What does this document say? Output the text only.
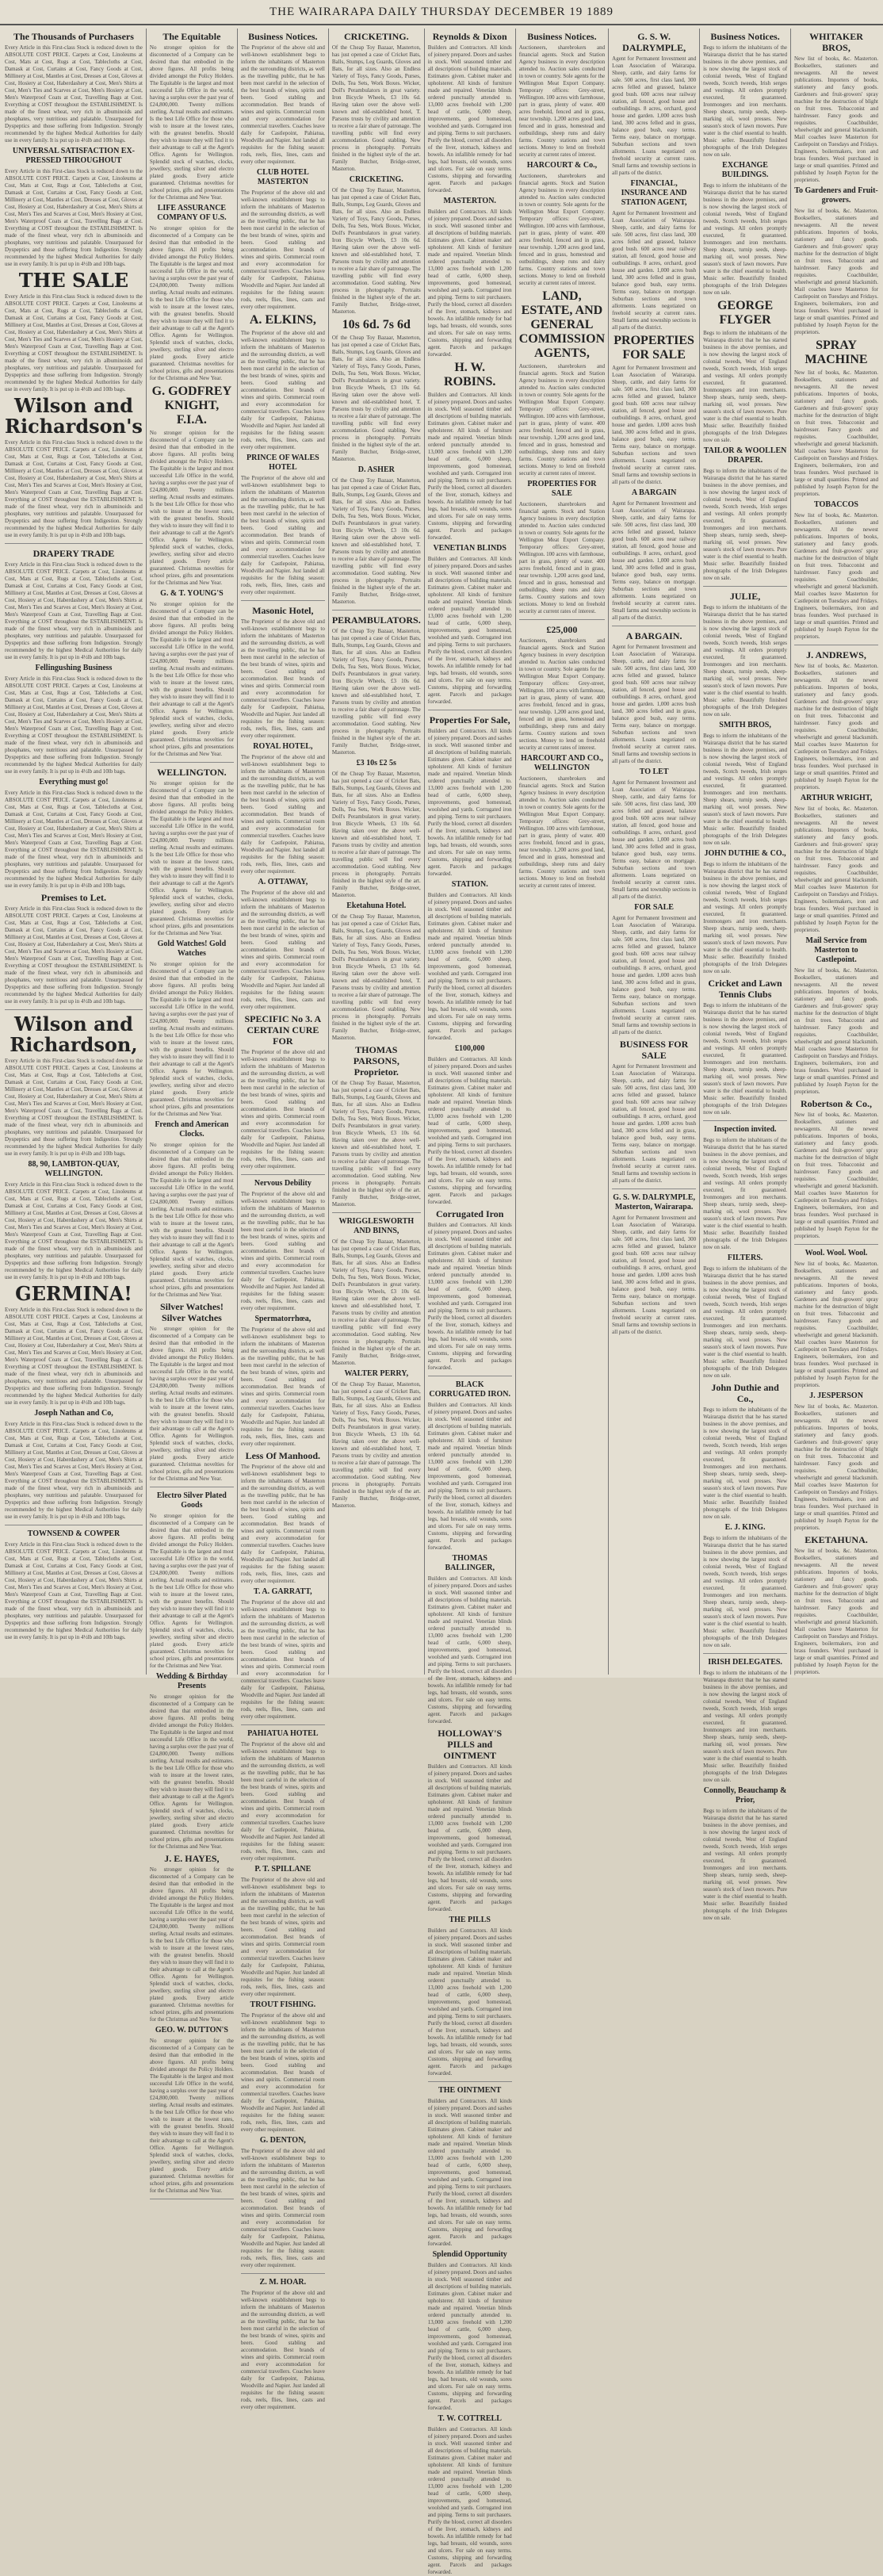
THE WAIRARAPA DAILY THURSDAY DECEMBER 19 1889
The Thousands of Purchasers
Every Article in this First-class Stock is reduced down to the ABSOLUTE COST PRICE. Carpets at Cost, Linoleums at Cost, Mats at Cost, Rugs at Cost, Tablecloths at Cost, Damask at Cost, Curtains at Cost, Fancy Goods at Cost, Millinery at Cost, Mantles at Cost, Dresses at Cost, Gloves at Cost, Hosiery at Cost, Haberdashery at Cost, Men's Shirts at Cost, Men's Ties and Scarves at Cost, Men's Hosiery at Cost, Men's Waterproof Coats at Cost, Travelling Bags at Cost. Everything at COST throughout the ESTABLISHMENT. Is made of the finest wheat, very rich in albuminoids and phosphates, very nutritious and palatable. Unsurpassed for Dyspeptics and those suffering from Indigestion. Strongly recommended by the highest Medical Authorities for daily use in every family. It is put up in 4½lb and 10lb bags.
UNIVERSAL SATISFACTION EX-PRESSED THROUGHOUT
Every Article in this First-class Stock is reduced down to the ABSOLUTE COST PRICE. Carpets at Cost, Linoleums at Cost, Mats at Cost, Rugs at Cost, Tablecloths at Cost, Damask at Cost, Curtains at Cost, Fancy Goods at Cost, Millinery at Cost, Mantles at Cost, Dresses at Cost, Gloves at Cost, Hosiery at Cost, Haberdashery at Cost, Men's Shirts at Cost, Men's Ties and Scarves at Cost, Men's Hosiery at Cost, Men's Waterproof Coats at Cost, Travelling Bags at Cost. Everything at COST throughout the ESTABLISHMENT. Is made of the finest wheat, very rich in albuminoids and phosphates, very nutritious and palatable. Unsurpassed for Dyspeptics and those suffering from Indigestion. Strongly recommended by the highest Medical Authorities for daily use in every family. It is put up in 4½lb and 10lb bags.
THE SALE
Every Article in this First-class Stock is reduced down to the ABSOLUTE COST PRICE. Carpets at Cost, Linoleums at Cost, Mats at Cost, Rugs at Cost, Tablecloths at Cost, Damask at Cost, Curtains at Cost, Fancy Goods at Cost, Millinery at Cost, Mantles at Cost, Dresses at Cost, Gloves at Cost, Hosiery at Cost, Haberdashery at Cost, Men's Shirts at Cost, Men's Ties and Scarves at Cost, Men's Hosiery at Cost, Men's Waterproof Coats at Cost, Travelling Bags at Cost. Everything at COST throughout the ESTABLISHMENT. Is made of the finest wheat, very rich in albuminoids and phosphates, very nutritious and palatable. Unsurpassed for Dyspeptics and those suffering from Indigestion. Strongly recommended by the highest Medical Authorities for daily use in every family. It is put up in 4½lb and 10lb bags.
Wilson and Richardson's
Every Article in this First-class Stock is reduced down to the ABSOLUTE COST PRICE. Carpets at Cost, Linoleums at Cost, Mats at Cost, Rugs at Cost, Tablecloths at Cost, Damask at Cost, Curtains at Cost, Fancy Goods at Cost, Millinery at Cost, Mantles at Cost, Dresses at Cost, Gloves at Cost, Hosiery at Cost, Haberdashery at Cost, Men's Shirts at Cost, Men's Ties and Scarves at Cost, Men's Hosiery at Cost, Men's Waterproof Coats at Cost, Travelling Bags at Cost. Everything at COST throughout the ESTABLISHMENT. Is made of the finest wheat, very rich in albuminoids and phosphates, very nutritious and palatable. Unsurpassed for Dyspeptics and those suffering from Indigestion. Strongly recommended by the highest Medical Authorities for daily use in every family. It is put up in 4½lb and 10lb bags.
DRAPERY TRADE
Every Article in this First-class Stock is reduced down to the ABSOLUTE COST PRICE. Carpets at Cost, Linoleums at Cost, Mats at Cost, Rugs at Cost, Tablecloths at Cost, Damask at Cost, Curtains at Cost, Fancy Goods at Cost, Millinery at Cost, Mantles at Cost, Dresses at Cost, Gloves at Cost, Hosiery at Cost, Haberdashery at Cost, Men's Shirts at Cost, Men's Ties and Scarves at Cost, Men's Hosiery at Cost, Men's Waterproof Coats at Cost, Travelling Bags at Cost. Everything at COST throughout the ESTABLISHMENT. Is made of the finest wheat, very rich in albuminoids and phosphates, very nutritious and palatable. Unsurpassed for Dyspeptics and those suffering from Indigestion. Strongly recommended by the highest Medical Authorities for daily use in every family. It is put up in 4½lb and 10lb bags.
Fellingushing Business
Every Article in this First-class Stock is reduced down to the ABSOLUTE COST PRICE. Carpets at Cost, Linoleums at Cost, Mats at Cost, Rugs at Cost, Tablecloths at Cost, Damask at Cost, Curtains at Cost, Fancy Goods at Cost, Millinery at Cost, Mantles at Cost, Dresses at Cost, Gloves at Cost, Hosiery at Cost, Haberdashery at Cost, Men's Shirts at Cost, Men's Ties and Scarves at Cost, Men's Hosiery at Cost, Men's Waterproof Coats at Cost, Travelling Bags at Cost. Everything at COST throughout the ESTABLISHMENT. Is made of the finest wheat, very rich in albuminoids and phosphates, very nutritious and palatable. Unsurpassed for Dyspeptics and those suffering from Indigestion. Strongly recommended by the highest Medical Authorities for daily use in every family. It is put up in 4½lb and 10lb bags.
Everything must go!
Every Article in this First-class Stock is reduced down to the ABSOLUTE COST PRICE. Carpets at Cost, Linoleums at Cost, Mats at Cost, Rugs at Cost, Tablecloths at Cost, Damask at Cost, Curtains at Cost, Fancy Goods at Cost, Millinery at Cost, Mantles at Cost, Dresses at Cost, Gloves at Cost, Hosiery at Cost, Haberdashery at Cost, Men's Shirts at Cost, Men's Ties and Scarves at Cost, Men's Hosiery at Cost, Men's Waterproof Coats at Cost, Travelling Bags at Cost. Everything at COST throughout the ESTABLISHMENT. Is made of the finest wheat, very rich in albuminoids and phosphates, very nutritious and palatable. Unsurpassed for Dyspeptics and those suffering from Indigestion. Strongly recommended by the highest Medical Authorities for daily use in every family. It is put up in 4½lb and 10lb bags.
Premises to Let.
Every Article in this First-class Stock is reduced down to the ABSOLUTE COST PRICE. Carpets at Cost, Linoleums at Cost, Mats at Cost, Rugs at Cost, Tablecloths at Cost, Damask at Cost, Curtains at Cost, Fancy Goods at Cost, Millinery at Cost, Mantles at Cost, Dresses at Cost, Gloves at Cost, Hosiery at Cost, Haberdashery at Cost, Men's Shirts at Cost, Men's Ties and Scarves at Cost, Men's Hosiery at Cost, Men's Waterproof Coats at Cost, Travelling Bags at Cost. Everything at COST throughout the ESTABLISHMENT. Is made of the finest wheat, very rich in albuminoids and phosphates, very nutritious and palatable. Unsurpassed for Dyspeptics and those suffering from Indigestion. Strongly recommended by the highest Medical Authorities for daily use in every family. It is put up in 4½lb and 10lb bags.
Wilson and Richardson,
Every Article in this First-class Stock is reduced down to the ABSOLUTE COST PRICE. Carpets at Cost, Linoleums at Cost, Mats at Cost, Rugs at Cost, Tablecloths at Cost, Damask at Cost, Curtains at Cost, Fancy Goods at Cost, Millinery at Cost, Mantles at Cost, Dresses at Cost, Gloves at Cost, Hosiery at Cost, Haberdashery at Cost, Men's Shirts at Cost, Men's Ties and Scarves at Cost, Men's Hosiery at Cost, Men's Waterproof Coats at Cost, Travelling Bags at Cost. Everything at COST throughout the ESTABLISHMENT. Is made of the finest wheat, very rich in albuminoids and phosphates, very nutritious and palatable. Unsurpassed for Dyspeptics and those suffering from Indigestion. Strongly recommended by the highest Medical Authorities for daily use in every family. It is put up in 4½lb and 10lb bags.
88, 90, LAMBTON-QUAY, WELLINGTON.
Every Article in this First-class Stock is reduced down to the ABSOLUTE COST PRICE. Carpets at Cost, Linoleums at Cost, Mats at Cost, Rugs at Cost, Tablecloths at Cost, Damask at Cost, Curtains at Cost, Fancy Goods at Cost, Millinery at Cost, Mantles at Cost, Dresses at Cost, Gloves at Cost, Hosiery at Cost, Haberdashery at Cost, Men's Shirts at Cost, Men's Ties and Scarves at Cost, Men's Hosiery at Cost, Men's Waterproof Coats at Cost, Travelling Bags at Cost. Everything at COST throughout the ESTABLISHMENT. Is made of the finest wheat, very rich in albuminoids and phosphates, very nutritious and palatable. Unsurpassed for Dyspeptics and those suffering from Indigestion. Strongly recommended by the highest Medical Authorities for daily use in every family. It is put up in 4½lb and 10lb bags.
GERMINA!
Every Article in this First-class Stock is reduced down to the ABSOLUTE COST PRICE. Carpets at Cost, Linoleums at Cost, Mats at Cost, Rugs at Cost, Tablecloths at Cost, Damask at Cost, Curtains at Cost, Fancy Goods at Cost, Millinery at Cost, Mantles at Cost, Dresses at Cost, Gloves at Cost, Hosiery at Cost, Haberdashery at Cost, Men's Shirts at Cost, Men's Ties and Scarves at Cost, Men's Hosiery at Cost, Men's Waterproof Coats at Cost, Travelling Bags at Cost. Everything at COST throughout the ESTABLISHMENT. Is made of the finest wheat, very rich in albuminoids and phosphates, very nutritious and palatable. Unsurpassed for Dyspeptics and those suffering from Indigestion. Strongly recommended by the highest Medical Authorities for daily use in every family. It is put up in 4½lb and 10lb bags.
Joseph Nathan and Co,
Every Article in this First-class Stock is reduced down to the ABSOLUTE COST PRICE. Carpets at Cost, Linoleums at Cost, Mats at Cost, Rugs at Cost, Tablecloths at Cost, Damask at Cost, Curtains at Cost, Fancy Goods at Cost, Millinery at Cost, Mantles at Cost, Dresses at Cost, Gloves at Cost, Hosiery at Cost, Haberdashery at Cost, Men's Shirts at Cost, Men's Ties and Scarves at Cost, Men's Hosiery at Cost, Men's Waterproof Coats at Cost, Travelling Bags at Cost. Everything at COST throughout the ESTABLISHMENT. Is made of the finest wheat, very rich in albuminoids and phosphates, very nutritious and palatable. Unsurpassed for Dyspeptics and those suffering from Indigestion. Strongly recommended by the highest Medical Authorities for daily use in every family. It is put up in 4½lb and 10lb bags.
TOWNSEND & COWPER
Every Article in this First-class Stock is reduced down to the ABSOLUTE COST PRICE. Carpets at Cost, Linoleums at Cost, Mats at Cost, Rugs at Cost, Tablecloths at Cost, Damask at Cost, Curtains at Cost, Fancy Goods at Cost, Millinery at Cost, Mantles at Cost, Dresses at Cost, Gloves at Cost, Hosiery at Cost, Haberdashery at Cost, Men's Shirts at Cost, Men's Ties and Scarves at Cost, Men's Hosiery at Cost, Men's Waterproof Coats at Cost, Travelling Bags at Cost. Everything at COST throughout the ESTABLISHMENT. Is made of the finest wheat, very rich in albuminoids and phosphates, very nutritious and palatable. Unsurpassed for Dyspeptics and those suffering from Indigestion. Strongly recommended by the highest Medical Authorities for daily use in every family. It is put up in 4½lb and 10lb bags.
The Equitable
No stronger opinion for the disconnected of a Company can be desired than that embodied in the above figures. All profits being divided amongst the Policy Holders. The Equitable is the largest and most successful Life Office in the world, having a surplus over the past year of £24,800,000. Twenty millions sterling. Actual results and estimates. Is the best Life Office for those who wish to insure at the lowest rates, with the greatest benefits. Should they wish to insure they will find it to their advantage to call at the Agent's Office. Agents for Wellington. Splendid stock of watches, clocks, jewellery, sterling silver and electro plated goods. Every article guaranteed. Christmas novelties for school prizes, gifts and presentations for the Christmas and New Year.
LIFE ASSURANCE COMPANY OF U.S.
No stronger opinion for the disconnected of a Company can be desired than that embodied in the above figures. All profits being divided amongst the Policy Holders. The Equitable is the largest and most successful Life Office in the world, having a surplus over the past year of £24,800,000. Twenty millions sterling. Actual results and estimates. Is the best Life Office for those who wish to insure at the lowest rates, with the greatest benefits. Should they wish to insure they will find it to their advantage to call at the Agent's Office. Agents for Wellington. Splendid stock of watches, clocks, jewellery, sterling silver and electro plated goods. Every article guaranteed. Christmas novelties for school prizes, gifts and presentations for the Christmas and New Year.
G. GODFREY KNIGHT, F.I.A.
No stronger opinion for the disconnected of a Company can be desired than that embodied in the above figures. All profits being divided amongst the Policy Holders. The Equitable is the largest and most successful Life Office in the world, having a surplus over the past year of £24,800,000. Twenty millions sterling. Actual results and estimates. Is the best Life Office for those who wish to insure at the lowest rates, with the greatest benefits. Should they wish to insure they will find it to their advantage to call at the Agent's Office. Agents for Wellington. Splendid stock of watches, clocks, jewellery, sterling silver and electro plated goods. Every article guaranteed. Christmas novelties for school prizes, gifts and presentations for the Christmas and New Year.
G. & T. YOUNG'S
No stronger opinion for the disconnected of a Company can be desired than that embodied in the above figures. All profits being divided amongst the Policy Holders. The Equitable is the largest and most successful Life Office in the world, having a surplus over the past year of £24,800,000. Twenty millions sterling. Actual results and estimates. Is the best Life Office for those who wish to insure at the lowest rates, with the greatest benefits. Should they wish to insure they will find it to their advantage to call at the Agent's Office. Agents for Wellington. Splendid stock of watches, clocks, jewellery, sterling silver and electro plated goods. Every article guaranteed. Christmas novelties for school prizes, gifts and presentations for the Christmas and New Year.
WELLINGTON.
No stronger opinion for the disconnected of a Company can be desired than that embodied in the above figures. All profits being divided amongst the Policy Holders. The Equitable is the largest and most successful Life Office in the world, having a surplus over the past year of £24,800,000. Twenty millions sterling. Actual results and estimates. Is the best Life Office for those who wish to insure at the lowest rates, with the greatest benefits. Should they wish to insure they will find it to their advantage to call at the Agent's Office. Agents for Wellington. Splendid stock of watches, clocks, jewellery, sterling silver and electro plated goods. Every article guaranteed. Christmas novelties for school prizes, gifts and presentations for the Christmas and New Year.
Gold Watches! Gold Watches
No stronger opinion for the disconnected of a Company can be desired than that embodied in the above figures. All profits being divided amongst the Policy Holders. The Equitable is the largest and most successful Life Office in the world, having a surplus over the past year of £24,800,000. Twenty millions sterling. Actual results and estimates. Is the best Life Office for those who wish to insure at the lowest rates, with the greatest benefits. Should they wish to insure they will find it to their advantage to call at the Agent's Office. Agents for Wellington. Splendid stock of watches, clocks, jewellery, sterling silver and electro plated goods. Every article guaranteed. Christmas novelties for school prizes, gifts and presentations for the Christmas and New Year.
French and American Clocks.
No stronger opinion for the disconnected of a Company can be desired than that embodied in the above figures. All profits being divided amongst the Policy Holders. The Equitable is the largest and most successful Life Office in the world, having a surplus over the past year of £24,800,000. Twenty millions sterling. Actual results and estimates. Is the best Life Office for those who wish to insure at the lowest rates, with the greatest benefits. Should they wish to insure they will find it to their advantage to call at the Agent's Office. Agents for Wellington. Splendid stock of watches, clocks, jewellery, sterling silver and electro plated goods. Every article guaranteed. Christmas novelties for school prizes, gifts and presentations for the Christmas and New Year.
Silver Watches! Silver Watches
No stronger opinion for the disconnected of a Company can be desired than that embodied in the above figures. All profits being divided amongst the Policy Holders. The Equitable is the largest and most successful Life Office in the world, having a surplus over the past year of £24,800,000. Twenty millions sterling. Actual results and estimates. Is the best Life Office for those who wish to insure at the lowest rates, with the greatest benefits. Should they wish to insure they will find it to their advantage to call at the Agent's Office. Agents for Wellington. Splendid stock of watches, clocks, jewellery, sterling silver and electro plated goods. Every article guaranteed. Christmas novelties for school prizes, gifts and presentations for the Christmas and New Year.
Electro Silver Plated Goods
No stronger opinion for the disconnected of a Company can be desired than that embodied in the above figures. All profits being divided amongst the Policy Holders. The Equitable is the largest and most successful Life Office in the world, having a surplus over the past year of £24,800,000. Twenty millions sterling. Actual results and estimates. Is the best Life Office for those who wish to insure at the lowest rates, with the greatest benefits. Should they wish to insure they will find it to their advantage to call at the Agent's Office. Agents for Wellington. Splendid stock of watches, clocks, jewellery, sterling silver and electro plated goods. Every article guaranteed. Christmas novelties for school prizes, gifts and presentations for the Christmas and New Year.
Wedding & Birthday Presents
No stronger opinion for the disconnected of a Company can be desired than that embodied in the above figures. All profits being divided amongst the Policy Holders. The Equitable is the largest and most successful Life Office in the world, having a surplus over the past year of £24,800,000. Twenty millions sterling. Actual results and estimates. Is the best Life Office for those who wish to insure at the lowest rates, with the greatest benefits. Should they wish to insure they will find it to their advantage to call at the Agent's Office. Agents for Wellington. Splendid stock of watches, clocks, jewellery, sterling silver and electro plated goods. Every article guaranteed. Christmas novelties for school prizes, gifts and presentations for the Christmas and New Year.
J. E. HAYES,
No stronger opinion for the disconnected of a Company can be desired than that embodied in the above figures. All profits being divided amongst the Policy Holders. The Equitable is the largest and most successful Life Office in the world, having a surplus over the past year of £24,800,000. Twenty millions sterling. Actual results and estimates. Is the best Life Office for those who wish to insure at the lowest rates, with the greatest benefits. Should they wish to insure they will find it to their advantage to call at the Agent's Office. Agents for Wellington. Splendid stock of watches, clocks, jewellery, sterling silver and electro plated goods. Every article guaranteed. Christmas novelties for school prizes, gifts and presentations for the Christmas and New Year.
GEO. W. DUTTON'S
No stronger opinion for the disconnected of a Company can be desired than that embodied in the above figures. All profits being divided amongst the Policy Holders. The Equitable is the largest and most successful Life Office in the world, having a surplus over the past year of £24,800,000. Twenty millions sterling. Actual results and estimates. Is the best Life Office for those who wish to insure at the lowest rates, with the greatest benefits. Should they wish to insure they will find it to their advantage to call at the Agent's Office. Agents for Wellington. Splendid stock of watches, clocks, jewellery, sterling silver and electro plated goods. Every article guaranteed. Christmas novelties for school prizes, gifts and presentations for the Christmas and New Year.
Business Notices.
The Proprietor of the above old and well-known establishment begs to inform the inhabitants of Masterton and the surrounding districts, as well as the travelling public, that he has been most careful in the selection of the best brands of wines, spirits and beers. Good stabling and accommodation. Best brands of wines and spirits. Commercial room and every accommodation for commercial travellers. Coaches leave daily for Castlepoint, Pahiatua, Woodville and Napier. Just landed all requisites for the fishing season: rods, reels, flies, lines, casts and every other requirement.
CLUB HOTEL MASTERTON
The Proprietor of the above old and well-known establishment begs to inform the inhabitants of Masterton and the surrounding districts, as well as the travelling public, that he has been most careful in the selection of the best brands of wines, spirits and beers. Good stabling and accommodation. Best brands of wines and spirits. Commercial room and every accommodation for commercial travellers. Coaches leave daily for Castlepoint, Pahiatua, Woodville and Napier. Just landed all requisites for the fishing season: rods, reels, flies, lines, casts and every other requirement.
A. ELKINS,
The Proprietor of the above old and well-known establishment begs to inform the inhabitants of Masterton and the surrounding districts, as well as the travelling public, that he has been most careful in the selection of the best brands of wines, spirits and beers. Good stabling and accommodation. Best brands of wines and spirits. Commercial room and every accommodation for commercial travellers. Coaches leave daily for Castlepoint, Pahiatua, Woodville and Napier. Just landed all requisites for the fishing season: rods, reels, flies, lines, casts and every other requirement.
PRINCE OF WALES HOTEL
The Proprietor of the above old and well-known establishment begs to inform the inhabitants of Masterton and the surrounding districts, as well as the travelling public, that he has been most careful in the selection of the best brands of wines, spirits and beers. Good stabling and accommodation. Best brands of wines and spirits. Commercial room and every accommodation for commercial travellers. Coaches leave daily for Castlepoint, Pahiatua, Woodville and Napier. Just landed all requisites for the fishing season: rods, reels, flies, lines, casts and every other requirement.
Masonic Hotel,
The Proprietor of the above old and well-known establishment begs to inform the inhabitants of Masterton and the surrounding districts, as well as the travelling public, that he has been most careful in the selection of the best brands of wines, spirits and beers. Good stabling and accommodation. Best brands of wines and spirits. Commercial room and every accommodation for commercial travellers. Coaches leave daily for Castlepoint, Pahiatua, Woodville and Napier. Just landed all requisites for the fishing season: rods, reels, flies, lines, casts and every other requirement.
ROYAL HOTEL,
The Proprietor of the above old and well-known establishment begs to inform the inhabitants of Masterton and the surrounding districts, as well as the travelling public, that he has been most careful in the selection of the best brands of wines, spirits and beers. Good stabling and accommodation. Best brands of wines and spirits. Commercial room and every accommodation for commercial travellers. Coaches leave daily for Castlepoint, Pahiatua, Woodville and Napier. Just landed all requisites for the fishing season: rods, reels, flies, lines, casts and every other requirement.
A. OTTAWAY,
The Proprietor of the above old and well-known establishment begs to inform the inhabitants of Masterton and the surrounding districts, as well as the travelling public, that he has been most careful in the selection of the best brands of wines, spirits and beers. Good stabling and accommodation. Best brands of wines and spirits. Commercial room and every accommodation for commercial travellers. Coaches leave daily for Castlepoint, Pahiatua, Woodville and Napier. Just landed all requisites for the fishing season: rods, reels, flies, lines, casts and every other requirement.
SPECIFIC No 3. A CERTAIN CURE FOR
The Proprietor of the above old and well-known establishment begs to inform the inhabitants of Masterton and the surrounding districts, as well as the travelling public, that he has been most careful in the selection of the best brands of wines, spirits and beers. Good stabling and accommodation. Best brands of wines and spirits. Commercial room and every accommodation for commercial travellers. Coaches leave daily for Castlepoint, Pahiatua, Woodville and Napier. Just landed all requisites for the fishing season: rods, reels, flies, lines, casts and every other requirement.
Nervous Debility
The Proprietor of the above old and well-known establishment begs to inform the inhabitants of Masterton and the surrounding districts, as well as the travelling public, that he has been most careful in the selection of the best brands of wines, spirits and beers. Good stabling and accommodation. Best brands of wines and spirits. Commercial room and every accommodation for commercial travellers. Coaches leave daily for Castlepoint, Pahiatua, Woodville and Napier. Just landed all requisites for the fishing season: rods, reels, flies, lines, casts and every other requirement.
Spermatorrhœa,
The Proprietor of the above old and well-known establishment begs to inform the inhabitants of Masterton and the surrounding districts, as well as the travelling public, that he has been most careful in the selection of the best brands of wines, spirits and beers. Good stabling and accommodation. Best brands of wines and spirits. Commercial room and every accommodation for commercial travellers. Coaches leave daily for Castlepoint, Pahiatua, Woodville and Napier. Just landed all requisites for the fishing season: rods, reels, flies, lines, casts and every other requirement.
Less Of Manhood.
The Proprietor of the above old and well-known establishment begs to inform the inhabitants of Masterton and the surrounding districts, as well as the travelling public, that he has been most careful in the selection of the best brands of wines, spirits and beers. Good stabling and accommodation. Best brands of wines and spirits. Commercial room and every accommodation for commercial travellers. Coaches leave daily for Castlepoint, Pahiatua, Woodville and Napier. Just landed all requisites for the fishing season: rods, reels, flies, lines, casts and every other requirement.
T. A. GARRATT,
The Proprietor of the above old and well-known establishment begs to inform the inhabitants of Masterton and the surrounding districts, as well as the travelling public, that he has been most careful in the selection of the best brands of wines, spirits and beers. Good stabling and accommodation. Best brands of wines and spirits. Commercial room and every accommodation for commercial travellers. Coaches leave daily for Castlepoint, Pahiatua, Woodville and Napier. Just landed all requisites for the fishing season: rods, reels, flies, lines, casts and every other requirement.
PAHIATUA HOTEL
The Proprietor of the above old and well-known establishment begs to inform the inhabitants of Masterton and the surrounding districts, as well as the travelling public, that he has been most careful in the selection of the best brands of wines, spirits and beers. Good stabling and accommodation. Best brands of wines and spirits. Commercial room and every accommodation for commercial travellers. Coaches leave daily for Castlepoint, Pahiatua, Woodville and Napier. Just landed all requisites for the fishing season: rods, reels, flies, lines, casts and every other requirement.
P. T. SPILLANE
The Proprietor of the above old and well-known establishment begs to inform the inhabitants of Masterton and the surrounding districts, as well as the travelling public, that he has been most careful in the selection of the best brands of wines, spirits and beers. Good stabling and accommodation. Best brands of wines and spirits. Commercial room and every accommodation for commercial travellers. Coaches leave daily for Castlepoint, Pahiatua, Woodville and Napier. Just landed all requisites for the fishing season: rods, reels, flies, lines, casts and every other requirement.
TROUT FISHING.
The Proprietor of the above old and well-known establishment begs to inform the inhabitants of Masterton and the surrounding districts, as well as the travelling public, that he has been most careful in the selection of the best brands of wines, spirits and beers. Good stabling and accommodation. Best brands of wines and spirits. Commercial room and every accommodation for commercial travellers. Coaches leave daily for Castlepoint, Pahiatua, Woodville and Napier. Just landed all requisites for the fishing season: rods, reels, flies, lines, casts and every other requirement.
G. DENTON,
The Proprietor of the above old and well-known establishment begs to inform the inhabitants of Masterton and the surrounding districts, as well as the travelling public, that he has been most careful in the selection of the best brands of wines, spirits and beers. Good stabling and accommodation. Best brands of wines and spirits. Commercial room and every accommodation for commercial travellers. Coaches leave daily for Castlepoint, Pahiatua, Woodville and Napier. Just landed all requisites for the fishing season: rods, reels, flies, lines, casts and every other requirement.
Z. M. HOAR.
The Proprietor of the above old and well-known establishment begs to inform the inhabitants of Masterton and the surrounding districts, as well as the travelling public, that he has been most careful in the selection of the best brands of wines, spirits and beers. Good stabling and accommodation. Best brands of wines and spirits. Commercial room and every accommodation for commercial travellers. Coaches leave daily for Castlepoint, Pahiatua, Woodville and Napier. Just landed all requisites for the fishing season: rods, reels, flies, lines, casts and every other requirement.
CRICKETING.
Of the Cheap Toy Bazaar, Masterton, has just opened a case of Cricket Bats, Balls, Stumps, Leg Guards, Gloves and Bats, for all sizes. Also an Endless Variety of Toys, Fancy Goods, Purses, Dolls, Tea Sets, Work Boxes. Wicker, Doll's Perambulators in great variety. Iron Bicycle Wheels, £3 10s 6d. Having taken over the above well-known and old-established hotel, T. Parsons trusts by civility and attention to receive a fair share of patronage. The travelling public will find every accommodation. Good stabling. New process in photography. Portraits finished in the highest style of the art. Family Butcher, Bridge-street, Masterton.
CRICKETING.
Of the Cheap Toy Bazaar, Masterton, has just opened a case of Cricket Bats, Balls, Stumps, Leg Guards, Gloves and Bats, for all sizes. Also an Endless Variety of Toys, Fancy Goods, Purses, Dolls, Tea Sets, Work Boxes. Wicker, Doll's Perambulators in great variety. Iron Bicycle Wheels, £3 10s 6d. Having taken over the above well-known and old-established hotel, T. Parsons trusts by civility and attention to receive a fair share of patronage. The travelling public will find every accommodation. Good stabling. New process in photography. Portraits finished in the highest style of the art. Family Butcher, Bridge-street, Masterton.
10s 6d. 7s 6d
Of the Cheap Toy Bazaar, Masterton, has just opened a case of Cricket Bats, Balls, Stumps, Leg Guards, Gloves and Bats, for all sizes. Also an Endless Variety of Toys, Fancy Goods, Purses, Dolls, Tea Sets, Work Boxes. Wicker, Doll's Perambulators in great variety. Iron Bicycle Wheels, £3 10s 6d. Having taken over the above well-known and old-established hotel, T. Parsons trusts by civility and attention to receive a fair share of patronage. The travelling public will find every accommodation. Good stabling. New process in photography. Portraits finished in the highest style of the art. Family Butcher, Bridge-street, Masterton.
D. ASHER
Of the Cheap Toy Bazaar, Masterton, has just opened a case of Cricket Bats, Balls, Stumps, Leg Guards, Gloves and Bats, for all sizes. Also an Endless Variety of Toys, Fancy Goods, Purses, Dolls, Tea Sets, Work Boxes. Wicker, Doll's Perambulators in great variety. Iron Bicycle Wheels, £3 10s 6d. Having taken over the above well-known and old-established hotel, T. Parsons trusts by civility and attention to receive a fair share of patronage. The travelling public will find every accommodation. Good stabling. New process in photography. Portraits finished in the highest style of the art. Family Butcher, Bridge-street, Masterton.
PERAMBULATORS.
Of the Cheap Toy Bazaar, Masterton, has just opened a case of Cricket Bats, Balls, Stumps, Leg Guards, Gloves and Bats, for all sizes. Also an Endless Variety of Toys, Fancy Goods, Purses, Dolls, Tea Sets, Work Boxes. Wicker, Doll's Perambulators in great variety. Iron Bicycle Wheels, £3 10s 6d. Having taken over the above well-known and old-established hotel, T. Parsons trusts by civility and attention to receive a fair share of patronage. The travelling public will find every accommodation. Good stabling. New process in photography. Portraits finished in the highest style of the art. Family Butcher, Bridge-street, Masterton.
£3 10s £2 5s
Of the Cheap Toy Bazaar, Masterton, has just opened a case of Cricket Bats, Balls, Stumps, Leg Guards, Gloves and Bats, for all sizes. Also an Endless Variety of Toys, Fancy Goods, Purses, Dolls, Tea Sets, Work Boxes. Wicker, Doll's Perambulators in great variety. Iron Bicycle Wheels, £3 10s 6d. Having taken over the above well-known and old-established hotel, T. Parsons trusts by civility and attention to receive a fair share of patronage. The travelling public will find every accommodation. Good stabling. New process in photography. Portraits finished in the highest style of the art. Family Butcher, Bridge-street, Masterton.
Eketahuna Hotel.
Of the Cheap Toy Bazaar, Masterton, has just opened a case of Cricket Bats, Balls, Stumps, Leg Guards, Gloves and Bats, for all sizes. Also an Endless Variety of Toys, Fancy Goods, Purses, Dolls, Tea Sets, Work Boxes. Wicker, Doll's Perambulators in great variety. Iron Bicycle Wheels, £3 10s 6d. Having taken over the above well-known and old-established hotel, T. Parsons trusts by civility and attention to receive a fair share of patronage. The travelling public will find every accommodation. Good stabling. New process in photography. Portraits finished in the highest style of the art. Family Butcher, Bridge-street, Masterton.
THOMAS PARSONS, Proprietor.
Of the Cheap Toy Bazaar, Masterton, has just opened a case of Cricket Bats, Balls, Stumps, Leg Guards, Gloves and Bats, for all sizes. Also an Endless Variety of Toys, Fancy Goods, Purses, Dolls, Tea Sets, Work Boxes. Wicker, Doll's Perambulators in great variety. Iron Bicycle Wheels, £3 10s 6d. Having taken over the above well-known and old-established hotel, T. Parsons trusts by civility and attention to receive a fair share of patronage. The travelling public will find every accommodation. Good stabling. New process in photography. Portraits finished in the highest style of the art. Family Butcher, Bridge-street, Masterton.
WRIGGLESWORTH AND BINNS,
Of the Cheap Toy Bazaar, Masterton, has just opened a case of Cricket Bats, Balls, Stumps, Leg Guards, Gloves and Bats, for all sizes. Also an Endless Variety of Toys, Fancy Goods, Purses, Dolls, Tea Sets, Work Boxes. Wicker, Doll's Perambulators in great variety. Iron Bicycle Wheels, £3 10s 6d. Having taken over the above well-known and old-established hotel, T. Parsons trusts by civility and attention to receive a fair share of patronage. The travelling public will find every accommodation. Good stabling. New process in photography. Portraits finished in the highest style of the art. Family Butcher, Bridge-street, Masterton.
WALTER PERRY,
Of the Cheap Toy Bazaar, Masterton, has just opened a case of Cricket Bats, Balls, Stumps, Leg Guards, Gloves and Bats, for all sizes. Also an Endless Variety of Toys, Fancy Goods, Purses, Dolls, Tea Sets, Work Boxes. Wicker, Doll's Perambulators in great variety. Iron Bicycle Wheels, £3 10s 6d. Having taken over the above well-known and old-established hotel, T. Parsons trusts by civility and attention to receive a fair share of patronage. The travelling public will find every accommodation. Good stabling. New process in photography. Portraits finished in the highest style of the art. Family Butcher, Bridge-street, Masterton.
Reynolds & Dixon
Builders and Contractors. All kinds of joinery prepared. Doors and sashes in stock. Well seasoned timber and all descriptions of building materials. Estimates given. Cabinet maker and upholsterer. All kinds of furniture made and repaired. Venetian blinds ordered punctually attended to. 13,000 acres freehold with 1,200 head of cattle, 6,000 sheep, improvements, good homestead, woolshed and yards. Corrugated iron and piping. Terms to suit purchasers. Purify the blood, correct all disorders of the liver, stomach, kidneys and bowels. An infallible remedy for bad legs, bad breasts, old wounds, sores and ulcers. For sale on easy terms. Customs, shipping and forwarding agent. Parcels and packages forwarded.
MASTERTON.
Builders and Contractors. All kinds of joinery prepared. Doors and sashes in stock. Well seasoned timber and all descriptions of building materials. Estimates given. Cabinet maker and upholsterer. All kinds of furniture made and repaired. Venetian blinds ordered punctually attended to. 13,000 acres freehold with 1,200 head of cattle, 6,000 sheep, improvements, good homestead, woolshed and yards. Corrugated iron and piping. Terms to suit purchasers. Purify the blood, correct all disorders of the liver, stomach, kidneys and bowels. An infallible remedy for bad legs, bad breasts, old wounds, sores and ulcers. For sale on easy terms. Customs, shipping and forwarding agent. Parcels and packages forwarded.
H. W. ROBINS.
Builders and Contractors. All kinds of joinery prepared. Doors and sashes in stock. Well seasoned timber and all descriptions of building materials. Estimates given. Cabinet maker and upholsterer. All kinds of furniture made and repaired. Venetian blinds ordered punctually attended to. 13,000 acres freehold with 1,200 head of cattle, 6,000 sheep, improvements, good homestead, woolshed and yards. Corrugated iron and piping. Terms to suit purchasers. Purify the blood, correct all disorders of the liver, stomach, kidneys and bowels. An infallible remedy for bad legs, bad breasts, old wounds, sores and ulcers. For sale on easy terms. Customs, shipping and forwarding agent. Parcels and packages forwarded.
VENETIAN BLINDS
Builders and Contractors. All kinds of joinery prepared. Doors and sashes in stock. Well seasoned timber and all descriptions of building materials. Estimates given. Cabinet maker and upholsterer. All kinds of furniture made and repaired. Venetian blinds ordered punctually attended to. 13,000 acres freehold with 1,200 head of cattle, 6,000 sheep, improvements, good homestead, woolshed and yards. Corrugated iron and piping. Terms to suit purchasers. Purify the blood, correct all disorders of the liver, stomach, kidneys and bowels. An infallible remedy for bad legs, bad breasts, old wounds, sores and ulcers. For sale on easy terms. Customs, shipping and forwarding agent. Parcels and packages forwarded.
Properties For Sale,
Builders and Contractors. All kinds of joinery prepared. Doors and sashes in stock. Well seasoned timber and all descriptions of building materials. Estimates given. Cabinet maker and upholsterer. All kinds of furniture made and repaired. Venetian blinds ordered punctually attended to. 13,000 acres freehold with 1,200 head of cattle, 6,000 sheep, improvements, good homestead, woolshed and yards. Corrugated iron and piping. Terms to suit purchasers. Purify the blood, correct all disorders of the liver, stomach, kidneys and bowels. An infallible remedy for bad legs, bad breasts, old wounds, sores and ulcers. For sale on easy terms. Customs, shipping and forwarding agent. Parcels and packages forwarded.
STATION.
Builders and Contractors. All kinds of joinery prepared. Doors and sashes in stock. Well seasoned timber and all descriptions of building materials. Estimates given. Cabinet maker and upholsterer. All kinds of furniture made and repaired. Venetian blinds ordered punctually attended to. 13,000 acres freehold with 1,200 head of cattle, 6,000 sheep, improvements, good homestead, woolshed and yards. Corrugated iron and piping. Terms to suit purchasers. Purify the blood, correct all disorders of the liver, stomach, kidneys and bowels. An infallible remedy for bad legs, bad breasts, old wounds, sores and ulcers. For sale on easy terms. Customs, shipping and forwarding agent. Parcels and packages forwarded.
£100,000
Builders and Contractors. All kinds of joinery prepared. Doors and sashes in stock. Well seasoned timber and all descriptions of building materials. Estimates given. Cabinet maker and upholsterer. All kinds of furniture made and repaired. Venetian blinds ordered punctually attended to. 13,000 acres freehold with 1,200 head of cattle, 6,000 sheep, improvements, good homestead, woolshed and yards. Corrugated iron and piping. Terms to suit purchasers. Purify the blood, correct all disorders of the liver, stomach, kidneys and bowels. An infallible remedy for bad legs, bad breasts, old wounds, sores and ulcers. For sale on easy terms. Customs, shipping and forwarding agent. Parcels and packages forwarded.
Corrugated Iron
Builders and Contractors. All kinds of joinery prepared. Doors and sashes in stock. Well seasoned timber and all descriptions of building materials. Estimates given. Cabinet maker and upholsterer. All kinds of furniture made and repaired. Venetian blinds ordered punctually attended to. 13,000 acres freehold with 1,200 head of cattle, 6,000 sheep, improvements, good homestead, woolshed and yards. Corrugated iron and piping. Terms to suit purchasers. Purify the blood, correct all disorders of the liver, stomach, kidneys and bowels. An infallible remedy for bad legs, bad breasts, old wounds, sores and ulcers. For sale on easy terms. Customs, shipping and forwarding agent. Parcels and packages forwarded.
BLACK CORRUGATED IRON.
Builders and Contractors. All kinds of joinery prepared. Doors and sashes in stock. Well seasoned timber and all descriptions of building materials. Estimates given. Cabinet maker and upholsterer. All kinds of furniture made and repaired. Venetian blinds ordered punctually attended to. 13,000 acres freehold with 1,200 head of cattle, 6,000 sheep, improvements, good homestead, woolshed and yards. Corrugated iron and piping. Terms to suit purchasers. Purify the blood, correct all disorders of the liver, stomach, kidneys and bowels. An infallible remedy for bad legs, bad breasts, old wounds, sores and ulcers. For sale on easy terms. Customs, shipping and forwarding agent. Parcels and packages forwarded.
THOMAS BALLINGER,
Builders and Contractors. All kinds of joinery prepared. Doors and sashes in stock. Well seasoned timber and all descriptions of building materials. Estimates given. Cabinet maker and upholsterer. All kinds of furniture made and repaired. Venetian blinds ordered punctually attended to. 13,000 acres freehold with 1,200 head of cattle, 6,000 sheep, improvements, good homestead, woolshed and yards. Corrugated iron and piping. Terms to suit purchasers. Purify the blood, correct all disorders of the liver, stomach, kidneys and bowels. An infallible remedy for bad legs, bad breasts, old wounds, sores and ulcers. For sale on easy terms. Customs, shipping and forwarding agent. Parcels and packages forwarded.
HOLLOWAY'S PILLS and OINTMENT
Builders and Contractors. All kinds of joinery prepared. Doors and sashes in stock. Well seasoned timber and all descriptions of building materials. Estimates given. Cabinet maker and upholsterer. All kinds of furniture made and repaired. Venetian blinds ordered punctually attended to. 13,000 acres freehold with 1,200 head of cattle, 6,000 sheep, improvements, good homestead, woolshed and yards. Corrugated iron and piping. Terms to suit purchasers. Purify the blood, correct all disorders of the liver, stomach, kidneys and bowels. An infallible remedy for bad legs, bad breasts, old wounds, sores and ulcers. For sale on easy terms. Customs, shipping and forwarding agent. Parcels and packages forwarded.
THE PILLS
Builders and Contractors. All kinds of joinery prepared. Doors and sashes in stock. Well seasoned timber and all descriptions of building materials. Estimates given. Cabinet maker and upholsterer. All kinds of furniture made and repaired. Venetian blinds ordered punctually attended to. 13,000 acres freehold with 1,200 head of cattle, 6,000 sheep, improvements, good homestead, woolshed and yards. Corrugated iron and piping. Terms to suit purchasers. Purify the blood, correct all disorders of the liver, stomach, kidneys and bowels. An infallible remedy for bad legs, bad breasts, old wounds, sores and ulcers. For sale on easy terms. Customs, shipping and forwarding agent. Parcels and packages forwarded.
THE OINTMENT
Builders and Contractors. All kinds of joinery prepared. Doors and sashes in stock. Well seasoned timber and all descriptions of building materials. Estimates given. Cabinet maker and upholsterer. All kinds of furniture made and repaired. Venetian blinds ordered punctually attended to. 13,000 acres freehold with 1,200 head of cattle, 6,000 sheep, improvements, good homestead, woolshed and yards. Corrugated iron and piping. Terms to suit purchasers. Purify the blood, correct all disorders of the liver, stomach, kidneys and bowels. An infallible remedy for bad legs, bad breasts, old wounds, sores and ulcers. For sale on easy terms. Customs, shipping and forwarding agent. Parcels and packages forwarded.
Splendid Opportunity
Builders and Contractors. All kinds of joinery prepared. Doors and sashes in stock. Well seasoned timber and all descriptions of building materials. Estimates given. Cabinet maker and upholsterer. All kinds of furniture made and repaired. Venetian blinds ordered punctually attended to. 13,000 acres freehold with 1,200 head of cattle, 6,000 sheep, improvements, good homestead, woolshed and yards. Corrugated iron and piping. Terms to suit purchasers. Purify the blood, correct all disorders of the liver, stomach, kidneys and bowels. An infallible remedy for bad legs, bad breasts, old wounds, sores and ulcers. For sale on easy terms. Customs, shipping and forwarding agent. Parcels and packages forwarded.
T. W. COTTRELL
Builders and Contractors. All kinds of joinery prepared. Doors and sashes in stock. Well seasoned timber and all descriptions of building materials. Estimates given. Cabinet maker and upholsterer. All kinds of furniture made and repaired. Venetian blinds ordered punctually attended to. 13,000 acres freehold with 1,200 head of cattle, 6,000 sheep, improvements, good homestead, woolshed and yards. Corrugated iron and piping. Terms to suit purchasers. Purify the blood, correct all disorders of the liver, stomach, kidneys and bowels. An infallible remedy for bad legs, bad breasts, old wounds, sores and ulcers. For sale on easy terms. Customs, shipping and forwarding agent. Parcels and packages forwarded.
Business Notices.
Auctioneers, sharebrokers and financial agents. Stock and Station Agency business in every description attended to. Auction sales conducted in town or country. Sole agents for the Wellington Meat Export Company. Temporary offices: Grey-street, Wellington. 100 acres with farmhouse, part in grass, plenty of water. 400 acres freehold, fenced and in grass, near township. 1,200 acres good land, fenced and in grass, homestead and outbuildings, sheep runs and dairy farms. Country stations and town sections. Money to lend on freehold security at current rates of interest.
HARCOURT & Co.,
Auctioneers, sharebrokers and financial agents. Stock and Station Agency business in every description attended to. Auction sales conducted in town or country. Sole agents for the Wellington Meat Export Company. Temporary offices: Grey-street, Wellington. 100 acres with farmhouse, part in grass, plenty of water. 400 acres freehold, fenced and in grass, near township. 1,200 acres good land, fenced and in grass, homestead and outbuildings, sheep runs and dairy farms. Country stations and town sections. Money to lend on freehold security at current rates of interest.
LAND, ESTATE, AND GENERAL COMMISSION AGENTS,
Auctioneers, sharebrokers and financial agents. Stock and Station Agency business in every description attended to. Auction sales conducted in town or country. Sole agents for the Wellington Meat Export Company. Temporary offices: Grey-street, Wellington. 100 acres with farmhouse, part in grass, plenty of water. 400 acres freehold, fenced and in grass, near township. 1,200 acres good land, fenced and in grass, homestead and outbuildings, sheep runs and dairy farms. Country stations and town sections. Money to lend on freehold security at current rates of interest.
PROPERTIES FOR SALE
Auctioneers, sharebrokers and financial agents. Stock and Station Agency business in every description attended to. Auction sales conducted in town or country. Sole agents for the Wellington Meat Export Company. Temporary offices: Grey-street, Wellington. 100 acres with farmhouse, part in grass, plenty of water. 400 acres freehold, fenced and in grass, near township. 1,200 acres good land, fenced and in grass, homestead and outbuildings, sheep runs and dairy farms. Country stations and town sections. Money to lend on freehold security at current rates of interest.
£25,000
Auctioneers, sharebrokers and financial agents. Stock and Station Agency business in every description attended to. Auction sales conducted in town or country. Sole agents for the Wellington Meat Export Company. Temporary offices: Grey-street, Wellington. 100 acres with farmhouse, part in grass, plenty of water. 400 acres freehold, fenced and in grass, near township. 1,200 acres good land, fenced and in grass, homestead and outbuildings, sheep runs and dairy farms. Country stations and town sections. Money to lend on freehold security at current rates of interest.
HARCOURT AND CO., WELLINGTON
Auctioneers, sharebrokers and financial agents. Stock and Station Agency business in every description attended to. Auction sales conducted in town or country. Sole agents for the Wellington Meat Export Company. Temporary offices: Grey-street, Wellington. 100 acres with farmhouse, part in grass, plenty of water. 400 acres freehold, fenced and in grass, near township. 1,200 acres good land, fenced and in grass, homestead and outbuildings, sheep runs and dairy farms. Country stations and town sections. Money to lend on freehold security at current rates of interest.
G. S. W. DALRYMPLE,
Agent for Permanent Investment and Loan Association of Wairarapa. Sheep, cattle, and dairy farms for sale. 500 acres, first class land, 300 acres felled and grassed, balance good bush. 600 acres near railway station, all fenced, good house and outbuildings. 8 acres, orchard, good house and garden. 1,000 acres bush land, 300 acres felled and in grass, balance good bush, easy terms. Terms easy, balance on mortgage. Suburban sections and town allotments. Loans negotiated on freehold security at current rates. Small farms and township sections in all parts of the district.
FINANCIAL, INSURANCE AND STATION AGENT,
Agent for Permanent Investment and Loan Association of Wairarapa. Sheep, cattle, and dairy farms for sale. 500 acres, first class land, 300 acres felled and grassed, balance good bush. 600 acres near railway station, all fenced, good house and outbuildings. 8 acres, orchard, good house and garden. 1,000 acres bush land, 300 acres felled and in grass, balance good bush, easy terms. Terms easy, balance on mortgage. Suburban sections and town allotments. Loans negotiated on freehold security at current rates. Small farms and township sections in all parts of the district.
PROPERTIES FOR SALE
Agent for Permanent Investment and Loan Association of Wairarapa. Sheep, cattle, and dairy farms for sale. 500 acres, first class land, 300 acres felled and grassed, balance good bush. 600 acres near railway station, all fenced, good house and outbuildings. 8 acres, orchard, good house and garden. 1,000 acres bush land, 300 acres felled and in grass, balance good bush, easy terms. Terms easy, balance on mortgage. Suburban sections and town allotments. Loans negotiated on freehold security at current rates. Small farms and township sections in all parts of the district.
A BARGAIN
Agent for Permanent Investment and Loan Association of Wairarapa. Sheep, cattle, and dairy farms for sale. 500 acres, first class land, 300 acres felled and grassed, balance good bush. 600 acres near railway station, all fenced, good house and outbuildings. 8 acres, orchard, good house and garden. 1,000 acres bush land, 300 acres felled and in grass, balance good bush, easy terms. Terms easy, balance on mortgage. Suburban sections and town allotments. Loans negotiated on freehold security at current rates. Small farms and township sections in all parts of the district.
A BARGAIN.
Agent for Permanent Investment and Loan Association of Wairarapa. Sheep, cattle, and dairy farms for sale. 500 acres, first class land, 300 acres felled and grassed, balance good bush. 600 acres near railway station, all fenced, good house and outbuildings. 8 acres, orchard, good house and garden. 1,000 acres bush land, 300 acres felled and in grass, balance good bush, easy terms. Terms easy, balance on mortgage. Suburban sections and town allotments. Loans negotiated on freehold security at current rates. Small farms and township sections in all parts of the district.
TO LET
Agent for Permanent Investment and Loan Association of Wairarapa. Sheep, cattle, and dairy farms for sale. 500 acres, first class land, 300 acres felled and grassed, balance good bush. 600 acres near railway station, all fenced, good house and outbuildings. 8 acres, orchard, good house and garden. 1,000 acres bush land, 300 acres felled and in grass, balance good bush, easy terms. Terms easy, balance on mortgage. Suburban sections and town allotments. Loans negotiated on freehold security at current rates. Small farms and township sections in all parts of the district.
FOR SALE
Agent for Permanent Investment and Loan Association of Wairarapa. Sheep, cattle, and dairy farms for sale. 500 acres, first class land, 300 acres felled and grassed, balance good bush. 600 acres near railway station, all fenced, good house and outbuildings. 8 acres, orchard, good house and garden. 1,000 acres bush land, 300 acres felled and in grass, balance good bush, easy terms. Terms easy, balance on mortgage. Suburban sections and town allotments. Loans negotiated on freehold security at current rates. Small farms and township sections in all parts of the district.
BUSINESS FOR SALE
Agent for Permanent Investment and Loan Association of Wairarapa. Sheep, cattle, and dairy farms for sale. 500 acres, first class land, 300 acres felled and grassed, balance good bush. 600 acres near railway station, all fenced, good house and outbuildings. 8 acres, orchard, good house and garden. 1,000 acres bush land, 300 acres felled and in grass, balance good bush, easy terms. Terms easy, balance on mortgage. Suburban sections and town allotments. Loans negotiated on freehold security at current rates. Small farms and township sections in all parts of the district.
G. S. W. DALRYMPLE, Masterton, Wairarapa.
Agent for Permanent Investment and Loan Association of Wairarapa. Sheep, cattle, and dairy farms for sale. 500 acres, first class land, 300 acres felled and grassed, balance good bush. 600 acres near railway station, all fenced, good house and outbuildings. 8 acres, orchard, good house and garden. 1,000 acres bush land, 300 acres felled and in grass, balance good bush, easy terms. Terms easy, balance on mortgage. Suburban sections and town allotments. Loans negotiated on freehold security at current rates. Small farms and township sections in all parts of the district.
Business Notices.
Begs to inform the inhabitants of the Wairarapa district that he has started business in the above premises, and is now showing the largest stock of colonial tweeds, West of England tweeds, Scotch tweeds, Irish serges and vestings. All orders promptly executed, fit guaranteed. Ironmongers and iron merchants. Sheep shears, turnip seeds, sheep-marking oil, wool presses. New season's stock of lawn mowers. Pure water is the chief essential to health. Music seller. Beautifully finished photographs of the Irish Delegates now on sale.
EXCHANGE BUILDINGS.
Begs to inform the inhabitants of the Wairarapa district that he has started business in the above premises, and is now showing the largest stock of colonial tweeds, West of England tweeds, Scotch tweeds, Irish serges and vestings. All orders promptly executed, fit guaranteed. Ironmongers and iron merchants. Sheep shears, turnip seeds, sheep-marking oil, wool presses. New season's stock of lawn mowers. Pure water is the chief essential to health. Music seller. Beautifully finished photographs of the Irish Delegates now on sale.
GEORGE FLYGER
Begs to inform the inhabitants of the Wairarapa district that he has started business in the above premises, and is now showing the largest stock of colonial tweeds, West of England tweeds, Scotch tweeds, Irish serges and vestings. All orders promptly executed, fit guaranteed. Ironmongers and iron merchants. Sheep shears, turnip seeds, sheep-marking oil, wool presses. New season's stock of lawn mowers. Pure water is the chief essential to health. Music seller. Beautifully finished photographs of the Irish Delegates now on sale.
TAILOR & WOOLLEN DRAPER.
Begs to inform the inhabitants of the Wairarapa district that he has started business in the above premises, and is now showing the largest stock of colonial tweeds, West of England tweeds, Scotch tweeds, Irish serges and vestings. All orders promptly executed, fit guaranteed. Ironmongers and iron merchants. Sheep shears, turnip seeds, sheep-marking oil, wool presses. New season's stock of lawn mowers. Pure water is the chief essential to health. Music seller. Beautifully finished photographs of the Irish Delegates now on sale.
JULIE,
Begs to inform the inhabitants of the Wairarapa district that he has started business in the above premises, and is now showing the largest stock of colonial tweeds, West of England tweeds, Scotch tweeds, Irish serges and vestings. All orders promptly executed, fit guaranteed. Ironmongers and iron merchants. Sheep shears, turnip seeds, sheep-marking oil, wool presses. New season's stock of lawn mowers. Pure water is the chief essential to health. Music seller. Beautifully finished photographs of the Irish Delegates now on sale.
SMITH BROS,
Begs to inform the inhabitants of the Wairarapa district that he has started business in the above premises, and is now showing the largest stock of colonial tweeds, West of England tweeds, Scotch tweeds, Irish serges and vestings. All orders promptly executed, fit guaranteed. Ironmongers and iron merchants. Sheep shears, turnip seeds, sheep-marking oil, wool presses. New season's stock of lawn mowers. Pure water is the chief essential to health. Music seller. Beautifully finished photographs of the Irish Delegates now on sale.
JOHN DUTHIE & CO.,
Begs to inform the inhabitants of the Wairarapa district that he has started business in the above premises, and is now showing the largest stock of colonial tweeds, West of England tweeds, Scotch tweeds, Irish serges and vestings. All orders promptly executed, fit guaranteed. Ironmongers and iron merchants. Sheep shears, turnip seeds, sheep-marking oil, wool presses. New season's stock of lawn mowers. Pure water is the chief essential to health. Music seller. Beautifully finished photographs of the Irish Delegates now on sale.
Cricket and Lawn Tennis Clubs
Begs to inform the inhabitants of the Wairarapa district that he has started business in the above premises, and is now showing the largest stock of colonial tweeds, West of England tweeds, Scotch tweeds, Irish serges and vestings. All orders promptly executed, fit guaranteed. Ironmongers and iron merchants. Sheep shears, turnip seeds, sheep-marking oil, wool presses. New season's stock of lawn mowers. Pure water is the chief essential to health. Music seller. Beautifully finished photographs of the Irish Delegates now on sale.
Inspection invited.
Begs to inform the inhabitants of the Wairarapa district that he has started business in the above premises, and is now showing the largest stock of colonial tweeds, West of England tweeds, Scotch tweeds, Irish serges and vestings. All orders promptly executed, fit guaranteed. Ironmongers and iron merchants. Sheep shears, turnip seeds, sheep-marking oil, wool presses. New season's stock of lawn mowers. Pure water is the chief essential to health. Music seller. Beautifully finished photographs of the Irish Delegates now on sale.
FILTERS.
Begs to inform the inhabitants of the Wairarapa district that he has started business in the above premises, and is now showing the largest stock of colonial tweeds, West of England tweeds, Scotch tweeds, Irish serges and vestings. All orders promptly executed, fit guaranteed. Ironmongers and iron merchants. Sheep shears, turnip seeds, sheep-marking oil, wool presses. New season's stock of lawn mowers. Pure water is the chief essential to health. Music seller. Beautifully finished photographs of the Irish Delegates now on sale.
John Duthie and Co.,
Begs to inform the inhabitants of the Wairarapa district that he has started business in the above premises, and is now showing the largest stock of colonial tweeds, West of England tweeds, Scotch tweeds, Irish serges and vestings. All orders promptly executed, fit guaranteed. Ironmongers and iron merchants. Sheep shears, turnip seeds, sheep-marking oil, wool presses. New season's stock of lawn mowers. Pure water is the chief essential to health. Music seller. Beautifully finished photographs of the Irish Delegates now on sale.
E. J. KING.
Begs to inform the inhabitants of the Wairarapa district that he has started business in the above premises, and is now showing the largest stock of colonial tweeds, West of England tweeds, Scotch tweeds, Irish serges and vestings. All orders promptly executed, fit guaranteed. Ironmongers and iron merchants. Sheep shears, turnip seeds, sheep-marking oil, wool presses. New season's stock of lawn mowers. Pure water is the chief essential to health. Music seller. Beautifully finished photographs of the Irish Delegates now on sale.
IRISH DELEGATES.
Begs to inform the inhabitants of the Wairarapa district that he has started business in the above premises, and is now showing the largest stock of colonial tweeds, West of England tweeds, Scotch tweeds, Irish serges and vestings. All orders promptly executed, fit guaranteed. Ironmongers and iron merchants. Sheep shears, turnip seeds, sheep-marking oil, wool presses. New season's stock of lawn mowers. Pure water is the chief essential to health. Music seller. Beautifully finished photographs of the Irish Delegates now on sale.
Connolly, Beauchamp & Prior,
Begs to inform the inhabitants of the Wairarapa district that he has started business in the above premises, and is now showing the largest stock of colonial tweeds, West of England tweeds, Scotch tweeds, Irish serges and vestings. All orders promptly executed, fit guaranteed. Ironmongers and iron merchants. Sheep shears, turnip seeds, sheep-marking oil, wool presses. New season's stock of lawn mowers. Pure water is the chief essential to health. Music seller. Beautifully finished photographs of the Irish Delegates now on sale.
WHITAKER BROS,
New list of books, &c. Masterton. Booksellers, stationers and newsagents. All the newest publications. Importers of books, stationery and fancy goods. Gardeners and fruit-growers' spray machine for the destruction of blight on fruit trees. Tobacconist and hairdresser. Fancy goods and requisites. Coachbuilder, wheelwright and general blacksmith. Mail coaches leave Masterton for Castlepoint on Tuesdays and Fridays. Engineers, boilermakers, iron and brass founders. Wool purchased in large or small quantities. Printed and published by Joseph Payton for the proprietors.
To Gardeners and Fruit-growers.
New list of books, &c. Masterton. Booksellers, stationers and newsagents. All the newest publications. Importers of books, stationery and fancy goods. Gardeners and fruit-growers' spray machine for the destruction of blight on fruit trees. Tobacconist and hairdresser. Fancy goods and requisites. Coachbuilder, wheelwright and general blacksmith. Mail coaches leave Masterton for Castlepoint on Tuesdays and Fridays. Engineers, boilermakers, iron and brass founders. Wool purchased in large or small quantities. Printed and published by Joseph Payton for the proprietors.
SPRAY MACHINE
New list of books, &c. Masterton. Booksellers, stationers and newsagents. All the newest publications. Importers of books, stationery and fancy goods. Gardeners and fruit-growers' spray machine for the destruction of blight on fruit trees. Tobacconist and hairdresser. Fancy goods and requisites. Coachbuilder, wheelwright and general blacksmith. Mail coaches leave Masterton for Castlepoint on Tuesdays and Fridays. Engineers, boilermakers, iron and brass founders. Wool purchased in large or small quantities. Printed and published by Joseph Payton for the proprietors.
TOBACCOS
New list of books, &c. Masterton. Booksellers, stationers and newsagents. All the newest publications. Importers of books, stationery and fancy goods. Gardeners and fruit-growers' spray machine for the destruction of blight on fruit trees. Tobacconist and hairdresser. Fancy goods and requisites. Coachbuilder, wheelwright and general blacksmith. Mail coaches leave Masterton for Castlepoint on Tuesdays and Fridays. Engineers, boilermakers, iron and brass founders. Wool purchased in large or small quantities. Printed and published by Joseph Payton for the proprietors.
J. ANDREWS,
New list of books, &c. Masterton. Booksellers, stationers and newsagents. All the newest publications. Importers of books, stationery and fancy goods. Gardeners and fruit-growers' spray machine for the destruction of blight on fruit trees. Tobacconist and hairdresser. Fancy goods and requisites. Coachbuilder, wheelwright and general blacksmith. Mail coaches leave Masterton for Castlepoint on Tuesdays and Fridays. Engineers, boilermakers, iron and brass founders. Wool purchased in large or small quantities. Printed and published by Joseph Payton for the proprietors.
ARTHUR WRIGHT,
New list of books, &c. Masterton. Booksellers, stationers and newsagents. All the newest publications. Importers of books, stationery and fancy goods. Gardeners and fruit-growers' spray machine for the destruction of blight on fruit trees. Tobacconist and hairdresser. Fancy goods and requisites. Coachbuilder, wheelwright and general blacksmith. Mail coaches leave Masterton for Castlepoint on Tuesdays and Fridays. Engineers, boilermakers, iron and brass founders. Wool purchased in large or small quantities. Printed and published by Joseph Payton for the proprietors.
Mail Service from Masterton to Castlepoint.
New list of books, &c. Masterton. Booksellers, stationers and newsagents. All the newest publications. Importers of books, stationery and fancy goods. Gardeners and fruit-growers' spray machine for the destruction of blight on fruit trees. Tobacconist and hairdresser. Fancy goods and requisites. Coachbuilder, wheelwright and general blacksmith. Mail coaches leave Masterton for Castlepoint on Tuesdays and Fridays. Engineers, boilermakers, iron and brass founders. Wool purchased in large or small quantities. Printed and published by Joseph Payton for the proprietors.
Robertson & Co.,
New list of books, &c. Masterton. Booksellers, stationers and newsagents. All the newest publications. Importers of books, stationery and fancy goods. Gardeners and fruit-growers' spray machine for the destruction of blight on fruit trees. Tobacconist and hairdresser. Fancy goods and requisites. Coachbuilder, wheelwright and general blacksmith. Mail coaches leave Masterton for Castlepoint on Tuesdays and Fridays. Engineers, boilermakers, iron and brass founders. Wool purchased in large or small quantities. Printed and published by Joseph Payton for the proprietors.
Wool. Wool. Wool.
New list of books, &c. Masterton. Booksellers, stationers and newsagents. All the newest publications. Importers of books, stationery and fancy goods. Gardeners and fruit-growers' spray machine for the destruction of blight on fruit trees. Tobacconist and hairdresser. Fancy goods and requisites. Coachbuilder, wheelwright and general blacksmith. Mail coaches leave Masterton for Castlepoint on Tuesdays and Fridays. Engineers, boilermakers, iron and brass founders. Wool purchased in large or small quantities. Printed and published by Joseph Payton for the proprietors.
J. JESPERSON
New list of books, &c. Masterton. Booksellers, stationers and newsagents. All the newest publications. Importers of books, stationery and fancy goods. Gardeners and fruit-growers' spray machine for the destruction of blight on fruit trees. Tobacconist and hairdresser. Fancy goods and requisites. Coachbuilder, wheelwright and general blacksmith. Mail coaches leave Masterton for Castlepoint on Tuesdays and Fridays. Engineers, boilermakers, iron and brass founders. Wool purchased in large or small quantities. Printed and published by Joseph Payton for the proprietors.
EKETAHUNA.
New list of books, &c. Masterton. Booksellers, stationers and newsagents. All the newest publications. Importers of books, stationery and fancy goods. Gardeners and fruit-growers' spray machine for the destruction of blight on fruit trees. Tobacconist and hairdresser. Fancy goods and requisites. Coachbuilder, wheelwright and general blacksmith. Mail coaches leave Masterton for Castlepoint on Tuesdays and Fridays. Engineers, boilermakers, iron and brass founders. Wool purchased in large or small quantities. Printed and published by Joseph Payton for the proprietors.
